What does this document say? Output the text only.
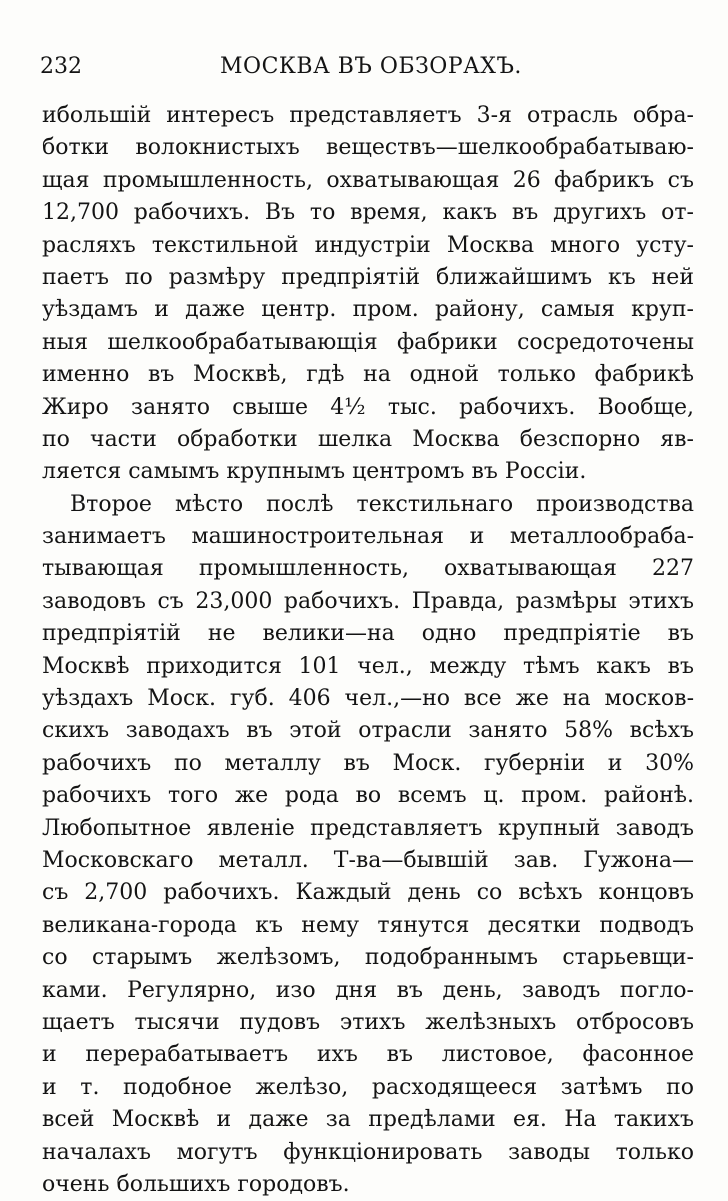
232	МОСКВА ВЪ ОБЗОРАХЪ.
ибольшій интересъ представляетъ 3-я отрасль обра-
ботки волокнистыхъ веществъ—шелкообрабатываю-
щая промышленность, охватывающая 26 фабрикъ съ
12,700 рабочихъ. Въ то время, какъ въ другихъ от-
расляхъ текстильной индустріи Москва много усту-
паетъ по размѣру предпріятій ближайшимъ къ ней
уѣздамъ и даже центр. пром. району, самыя круп-
ныя шелкообрабатывающія фабрики сосредоточены
именно въ Москвѣ, гдѣ на одной только фабрикѣ
Жиро занято свыше 4½ тыс. рабочихъ. Вообще,
по части обработки шелка Москва безспорно яв-
ляется самымъ крупнымъ центромъ въ Россіи.
Второе мѣсто послѣ текстильнаго производства
занимаетъ машиностроительная и металлообраба-
тывающая промышленность, охватывающая 227
заводовъ съ 23,000 рабочихъ. Правда, размѣры этихъ
предпріятій не велики—на одно предпріятіе въ
Москвѣ приходится 101 чел., между тѣмъ какъ въ
уѣздахъ Моск. губ. 406 чел.,—но все же на москов-
скихъ заводахъ въ этой отрасли занято 58% всѣхъ
рабочихъ по металлу въ Моск. губерніи и 30%
рабочихъ того же рода во всемъ ц. пром. районѣ.
Любопытное явленіе представляетъ крупный заводъ
Московскаго металл. Т-ва—бывшій зав. Гужона—
съ 2,700 рабочихъ. Каждый день со всѣхъ концовъ
великана-города къ нему тянутся десятки подводъ
со старымъ желѣзомъ, подобраннымъ старьевщи-
ками. Регулярно, изо дня въ день, заводъ погло-
щаетъ тысячи пудовъ этихъ желѣзныхъ отбросовъ
и перерабатываетъ ихъ въ листовое, фасонное
и т. подобное желѣзо, расходящееся затѣмъ по
всей Москвѣ и даже за предѣлами ея. На такихъ
началахъ могутъ функціонировать заводы только
очень большихъ городовъ.
